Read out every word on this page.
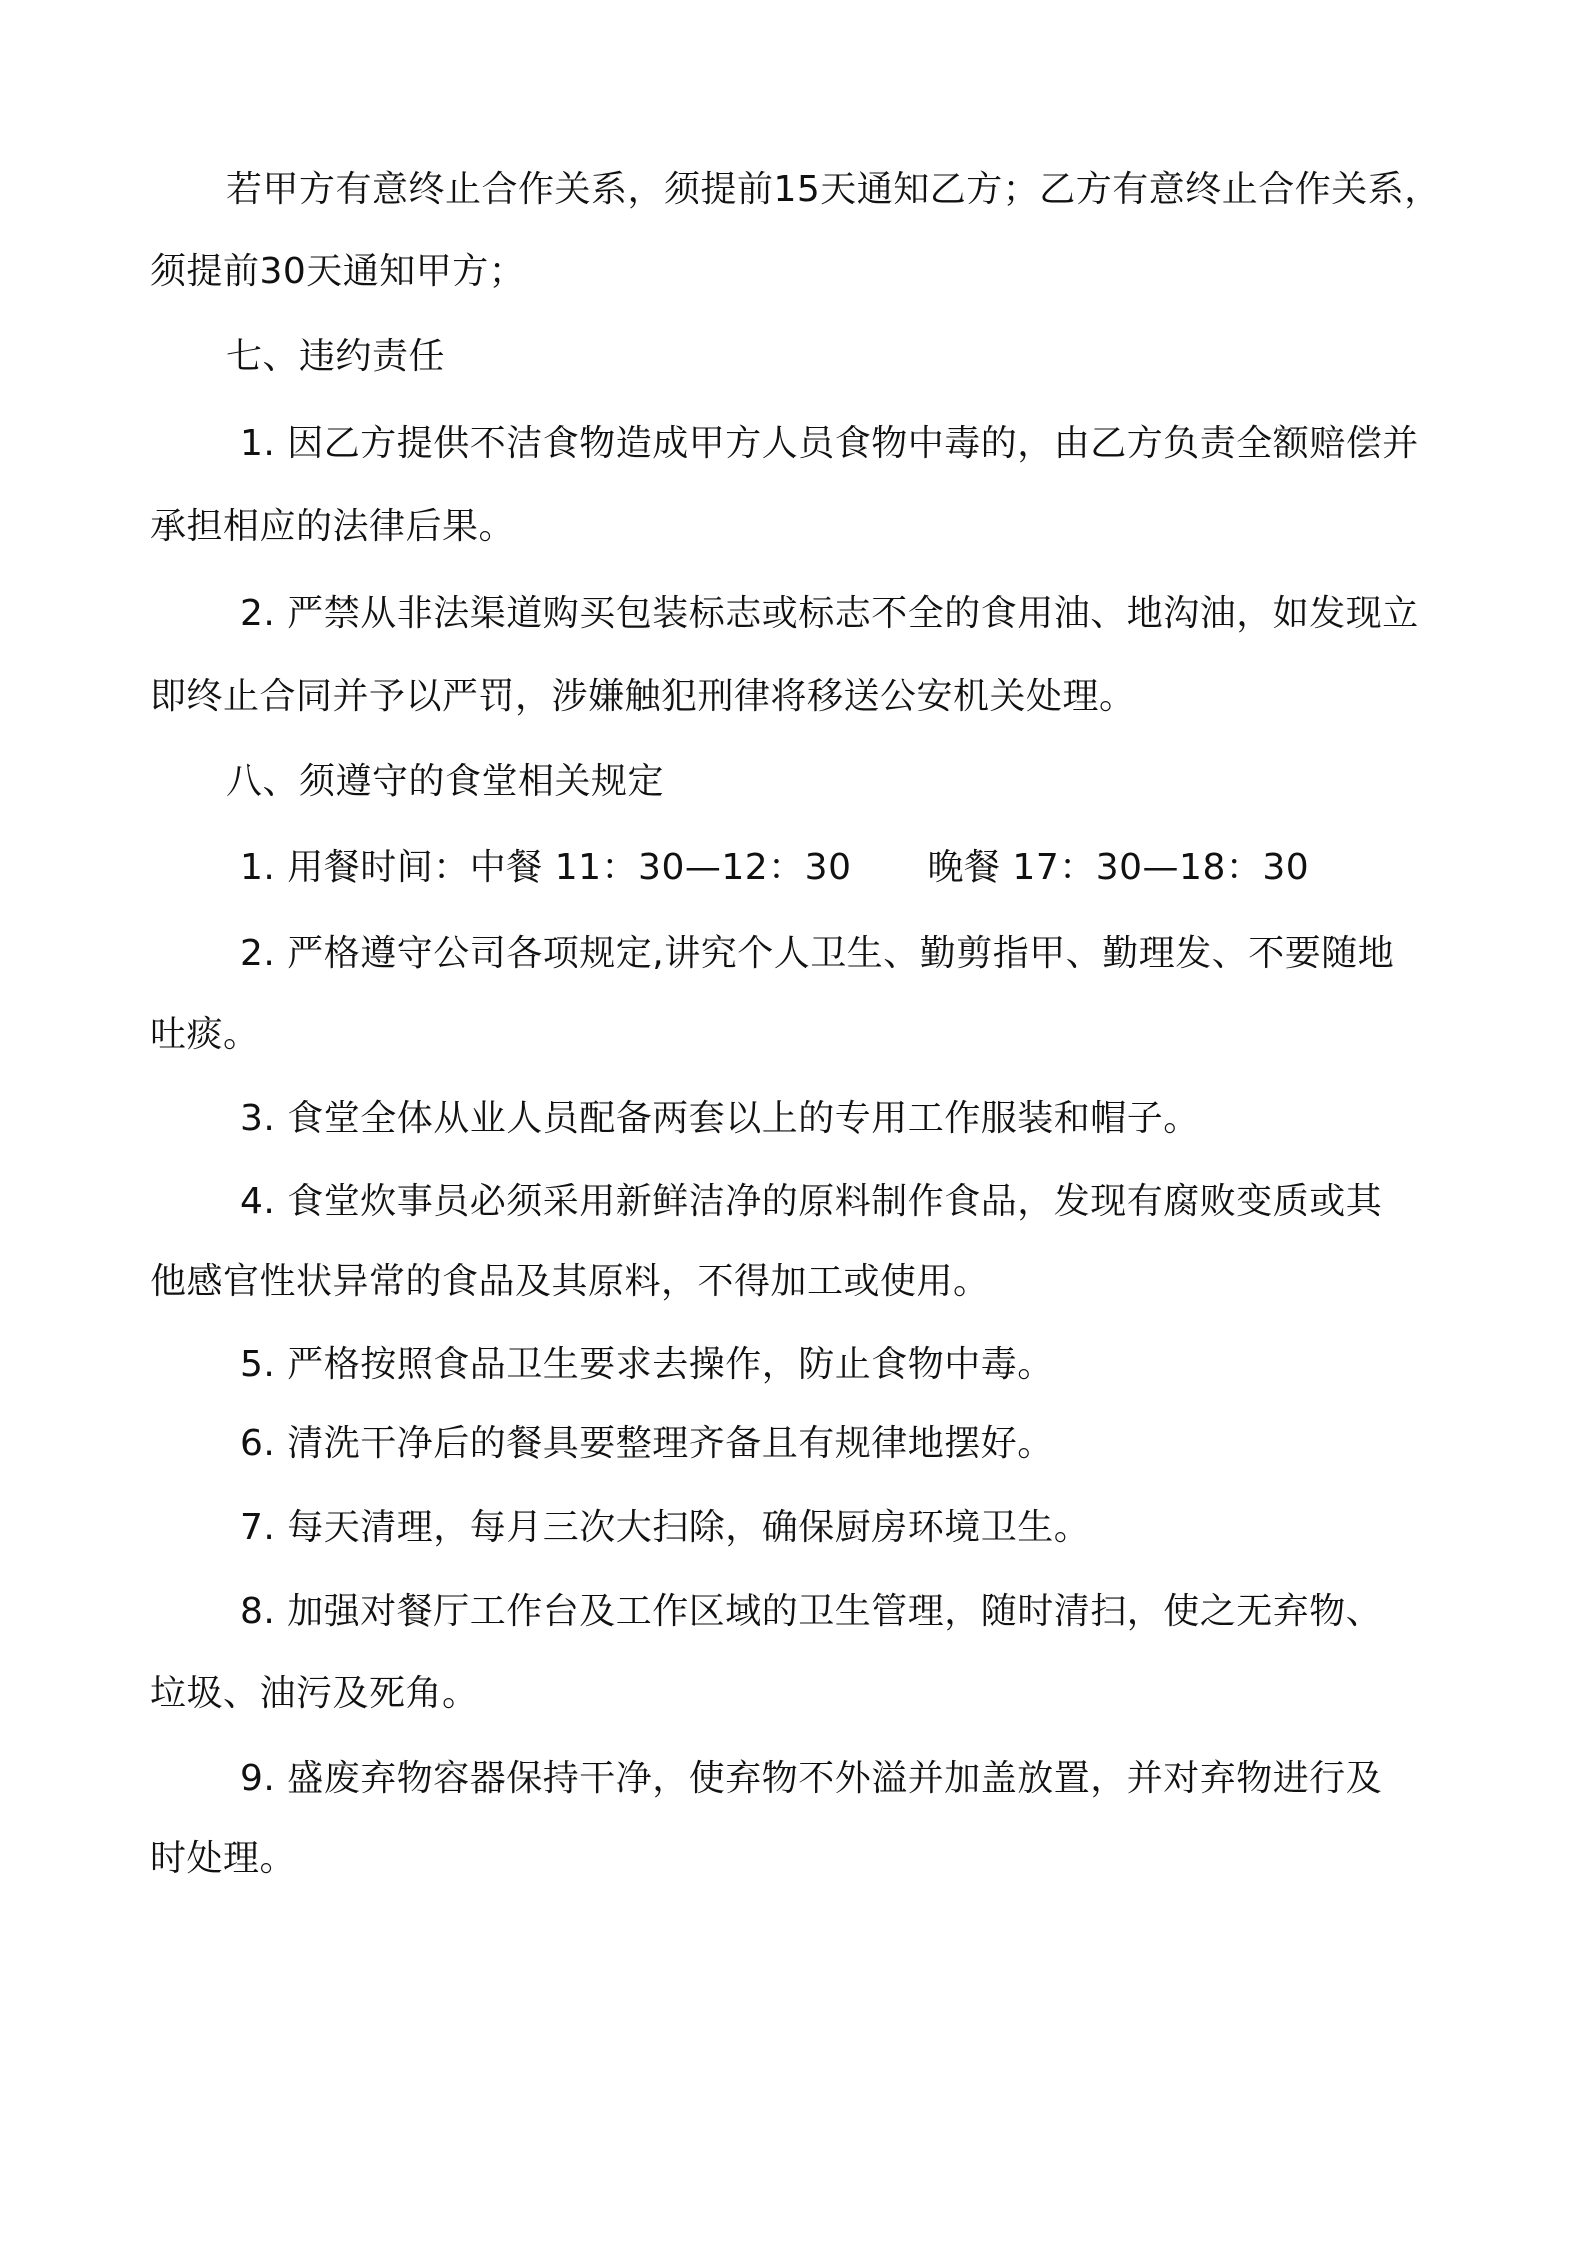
若甲方有意终止合作关系，须提前15天通知乙方；乙方有意终止合作关系，
须提前30天通知甲方；
七、违约责任
1. 因乙方提供不洁食物造成甲方人员食物中毒的，由乙方负责全额赔偿并
承担相应的法律后果。
2. 严禁从非法渠道购买包装标志或标志不全的食用油、地沟油，如发现立
即终止合同并予以严罚，涉嫌触犯刑律将移送公安机关处理。
八、须遵守的食堂相关规定
1. 用餐时间：中餐 11：30—12：30 晚餐 17：30—18：30
2. 严格遵守公司各项规定,讲究个人卫生、勤剪指甲、勤理发、不要随地
吐痰。
3. 食堂全体从业人员配备两套以上的专用工作服装和帽子。
4. 食堂炊事员必须采用新鲜洁净的原料制作食品，发现有腐败变质或其
他感官性状异常的食品及其原料，不得加工或使用。
5. 严格按照食品卫生要求去操作，防止食物中毒。
6. 清洗干净后的餐具要整理齐备且有规律地摆好。
7. 每天清理，每月三次大扫除，确保厨房环境卫生。
8. 加强对餐厅工作台及工作区域的卫生管理，随时清扫，使之无弃物、
垃圾、油污及死角。
9. 盛废弃物容器保持干净，使弃物不外溢并加盖放置，并对弃物进行及
时处理。
